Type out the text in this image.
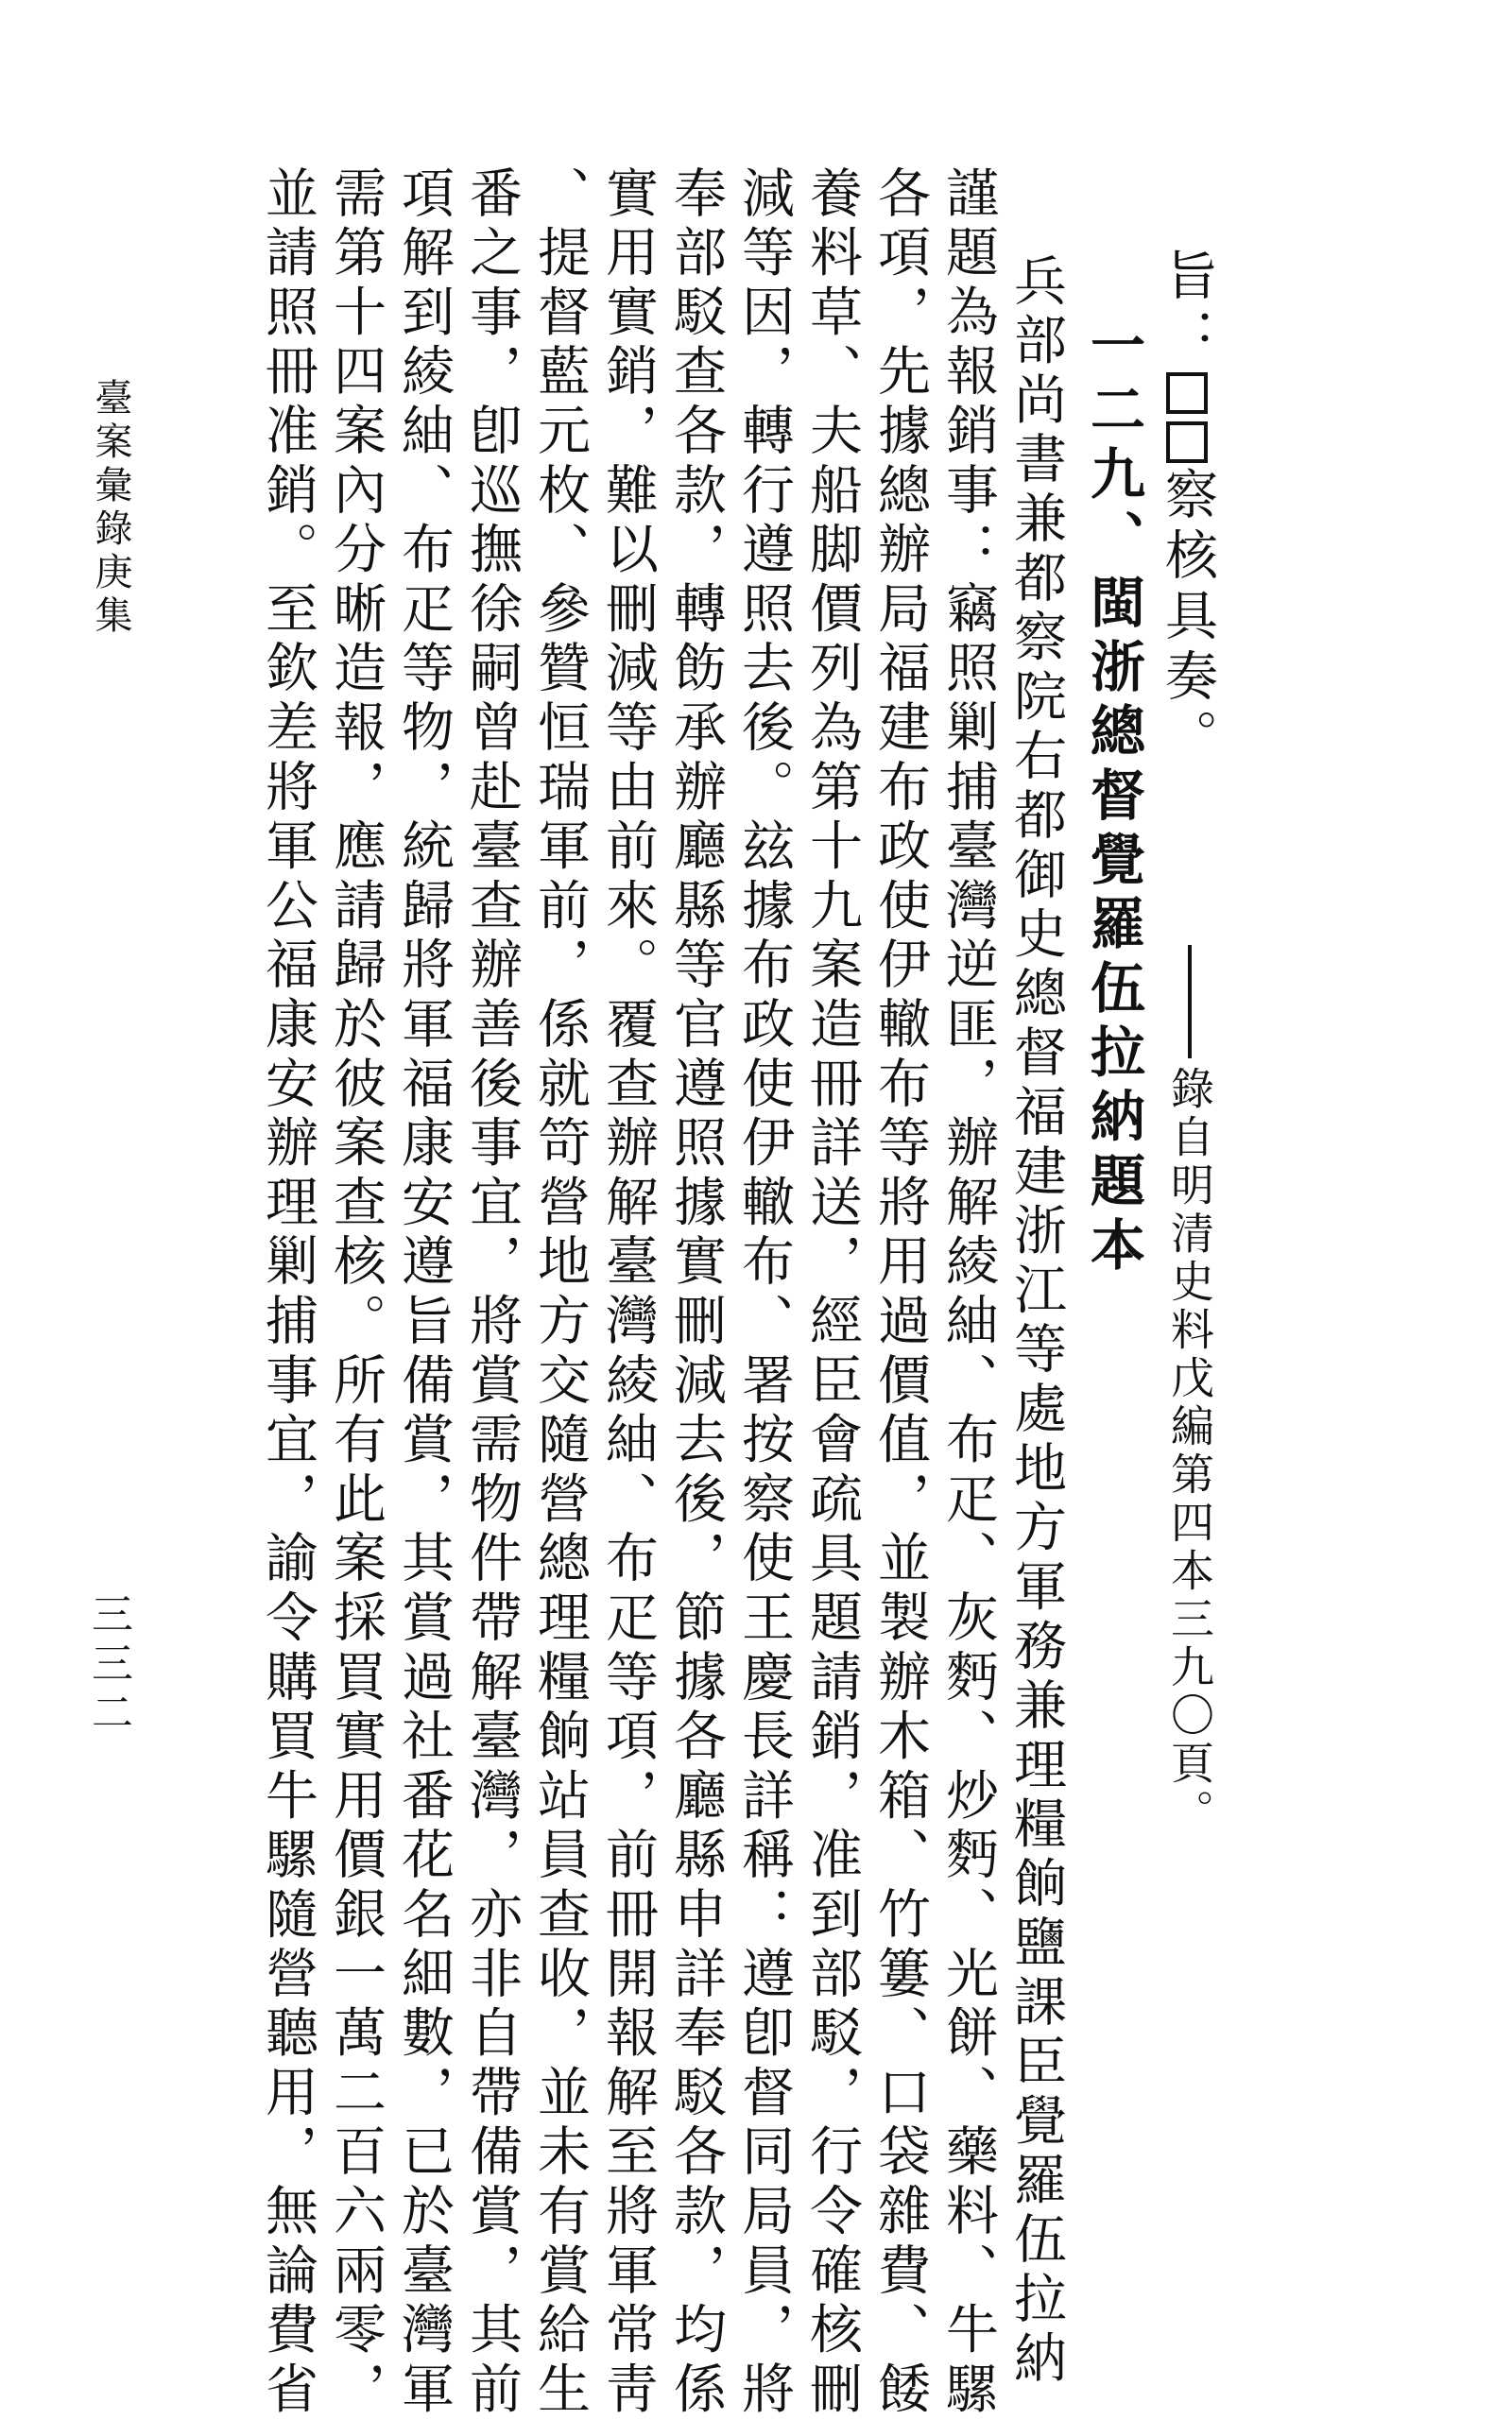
旨：察核具奏。
錄自明清史料戊編第四本三九〇頁。
一二九、閩浙總督覺羅伍拉納題本
兵部尚書兼都察院右都御史總督福建浙江等處地方軍務兼理糧餉鹽課臣覺羅伍拉納
謹題為報銷事：竊照剿捕臺灣逆匪，辦解綾紬、布疋、灰麪、炒麪、光餅、藥料、牛騾
各項，先據總辦局福建布政使伊轍布等將用過價值，並製辦木箱、竹簍、口袋雜費、餧
養料草、夫船脚價列為第十九案造冊詳送，經臣會疏具題請銷，准到部駁，行令確核刪
減等因，轉行遵照去後。玆據布政使伊轍布、署按察使王慶長詳稱：遵卽督同局員，將
奉部駁查各款，轉飭承辦廳縣等官遵照據實刪減去後，節據各廳縣申詳奉駁各款，均係
實用實銷，難以刪減等由前來。覆查辦解臺灣綾紬、布疋等項，前冊開報解至將軍常靑
、提督藍元枚、參贊恒瑞軍前，係就笴營地方交隨營總理糧餉站員查收，並未有賞給生
番之事，卽巡撫徐嗣曾赴臺查辦善後事宜，將賞需物件帶解臺灣，亦非自帶備賞，其前
項解到綾紬、布疋等物，統歸將軍福康安遵旨備賞，其賞過社番花名細數，已於臺灣軍
需第十四案內分晰造報，應請歸於彼案查核。所有此案採買實用價銀一萬二百六兩零，
並請照冊准銷。至欽差將軍公福康安辦理剿捕事宜，諭令購買牛騾隨營聽用，無論費省
臺案彙錄庚集
三三二
